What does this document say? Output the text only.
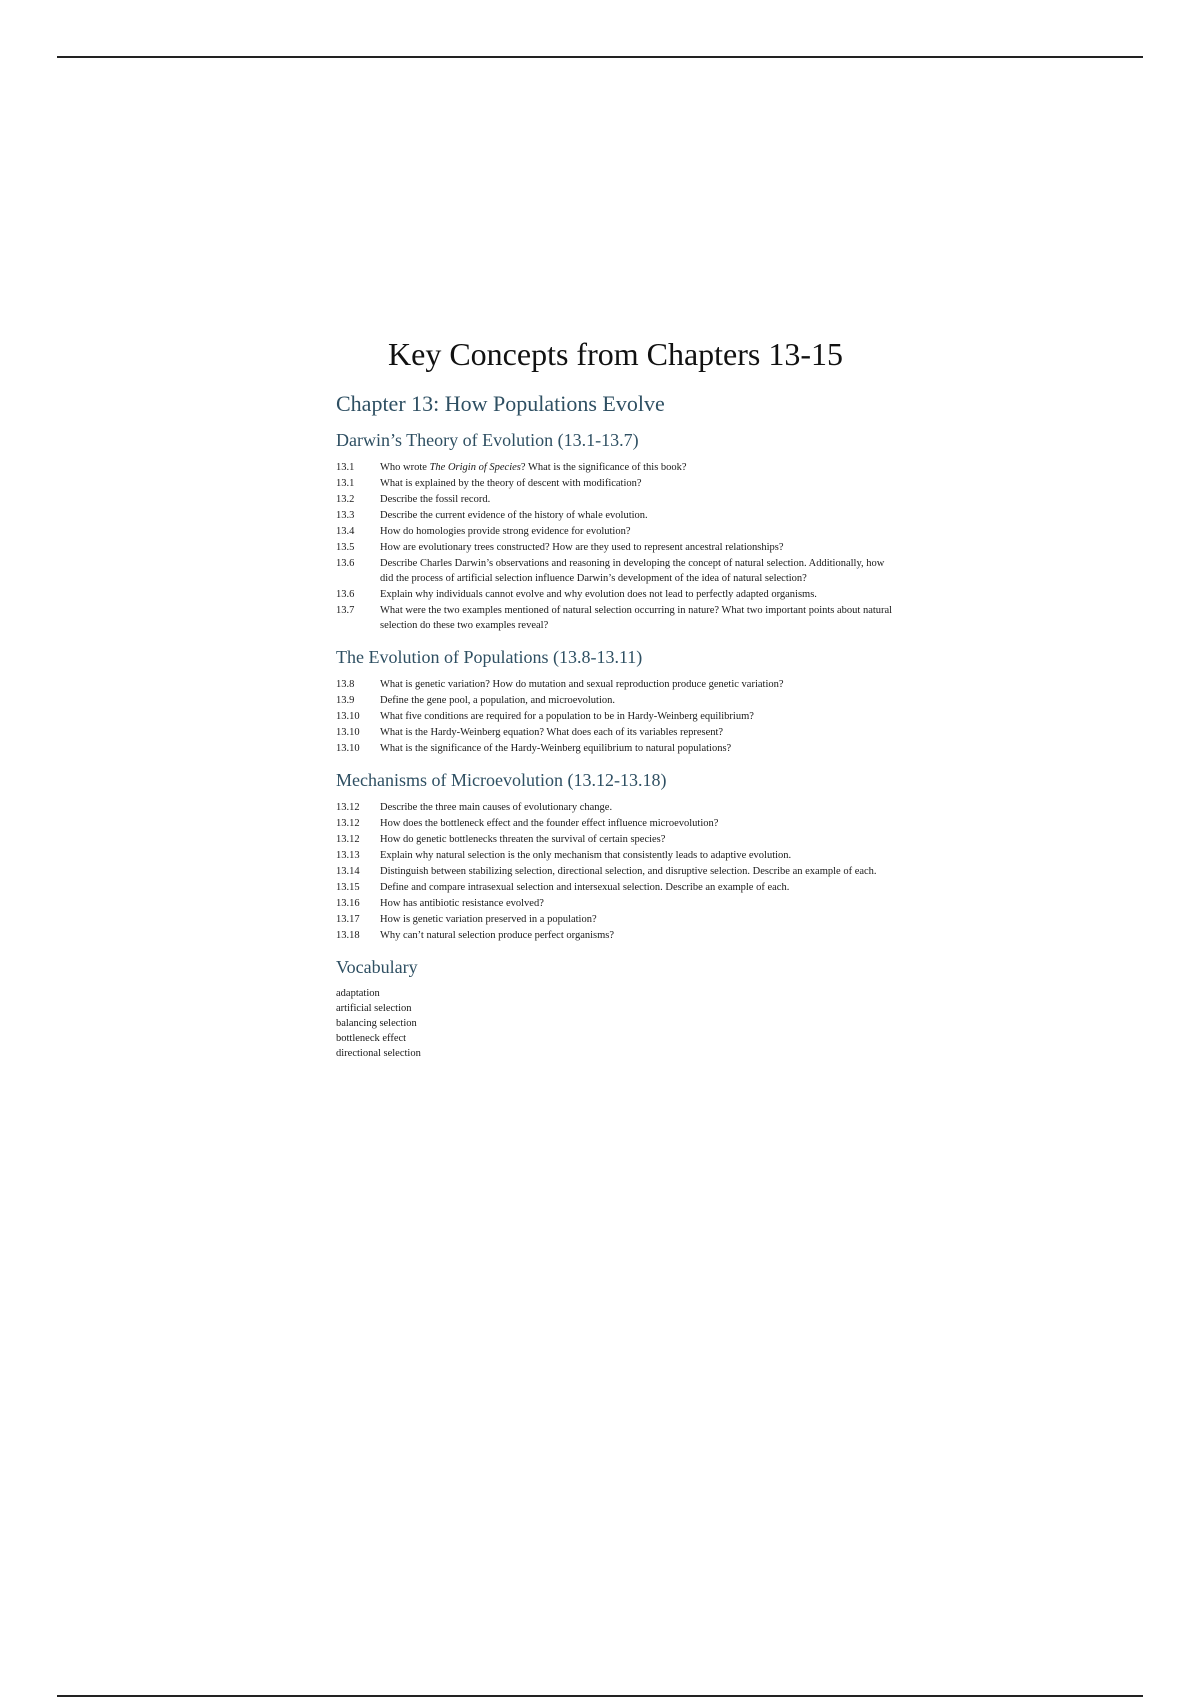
Key Concepts from Chapters 13-15
Chapter 13: How Populations Evolve
Darwin’s Theory of Evolution (13.1-13.7)
13.1	Who wrote The Origin of Species? What is the significance of this book?
13.1	What is explained by the theory of descent with modification?
13.2	Describe the fossil record.
13.3	Describe the current evidence of the history of whale evolution.
13.4	How do homologies provide strong evidence for evolution?
13.5	How are evolutionary trees constructed? How are they used to represent ancestral relationships?
13.6	Describe Charles Darwin’s observations and reasoning in developing the concept of natural selection. Additionally, how did the process of artificial selection influence Darwin’s development of the idea of natural selection?
13.6	Explain why individuals cannot evolve and why evolution does not lead to perfectly adapted organisms.
13.7	What were the two examples mentioned of natural selection occurring in nature? What two important points about natural selection do these two examples reveal?
The Evolution of Populations (13.8-13.11)
13.8	What is genetic variation? How do mutation and sexual reproduction produce genetic variation?
13.9	Define the gene pool, a population, and microevolution.
13.10	What five conditions are required for a population to be in Hardy-Weinberg equilibrium?
13.10	What is the Hardy-Weinberg equation? What does each of its variables represent?
13.10	What is the significance of the Hardy-Weinberg equilibrium to natural populations?
Mechanisms of Microevolution (13.12-13.18)
13.12	Describe the three main causes of evolutionary change.
13.12	How does the bottleneck effect and the founder effect influence microevolution?
13.12	How do genetic bottlenecks threaten the survival of certain species?
13.13	Explain why natural selection is the only mechanism that consistently leads to adaptive evolution.
13.14	Distinguish between stabilizing selection, directional selection, and disruptive selection. Describe an example of each.
13.15	Define and compare intrasexual selection and intersexual selection. Describe an example of each.
13.16	How has antibiotic resistance evolved?
13.17	How is genetic variation preserved in a population?
13.18	Why can’t natural selection produce perfect organisms?
Vocabulary
adaptation
artificial selection
balancing selection
bottleneck effect
directional selection
